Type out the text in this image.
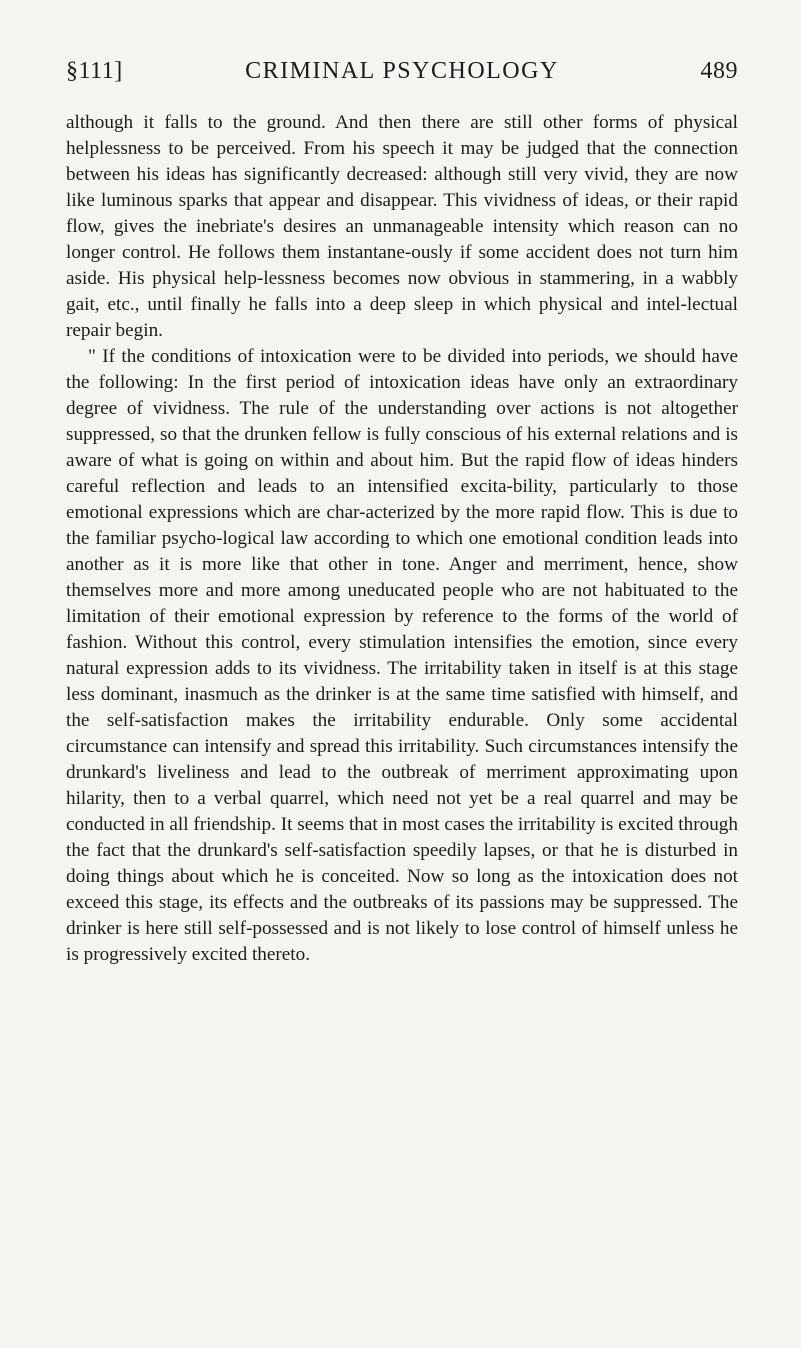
§111]	CRIMINAL PSYCHOLOGY	489

although it falls to the ground. And then there are still other forms of physical helplessness to be perceived. From his speech it may be judged that the connection between his ideas has significantly decreased: although still very vivid, they are now like luminous sparks that appear and disappear. This vividness of ideas, or their rapid flow, gives the inebriate's desires an unmanageable intensity which reason can no longer control. He follows them instantane-ously if some accident does not turn him aside. His physical help-lessness becomes now obvious in stammering, in a wabbly gait, etc., until finally he falls into a deep sleep in which physical and intel-lectual repair begin.

" If the conditions of intoxication were to be divided into periods, we should have the following: In the first period of intoxication ideas have only an extraordinary degree of vividness. The rule of the understanding over actions is not altogether suppressed, so that the drunken fellow is fully conscious of his external relations and is aware of what is going on within and about him. But the rapid flow of ideas hinders careful reflection and leads to an intensified excita-bility, particularly to those emotional expressions which are char-acterized by the more rapid flow. This is due to the familiar psycho-logical law according to which one emotional condition leads into another as it is more like that other in tone. Anger and merriment, hence, show themselves more and more among uneducated people who are not habituated to the limitation of their emotional expression by reference to the forms of the world of fashion. Without this control, every stimulation intensifies the emotion, since every natural expression adds to its vividness. The irritability taken in itself is at this stage less dominant, inasmuch as the drinker is at the same time satisfied with himself, and the self-satisfaction makes the irritability endurable. Only some accidental circumstance can intensify and spread this irritability. Such circumstances intensify the drunkard's liveliness and lead to the outbreak of merriment approximating upon hilarity, then to a verbal quarrel, which need not yet be a real quarrel and may be conducted in all friendship. It seems that in most cases the irritability is excited through the fact that the drunkard's self-satisfaction speedily lapses, or that he is disturbed in doing things about which he is conceited. Now so long as the intoxication does not exceed this stage, its effects and the outbreaks of its passions may be suppressed. The drinker is here still self-possessed and is not likely to lose control of himself unless he is progressively excited thereto.
